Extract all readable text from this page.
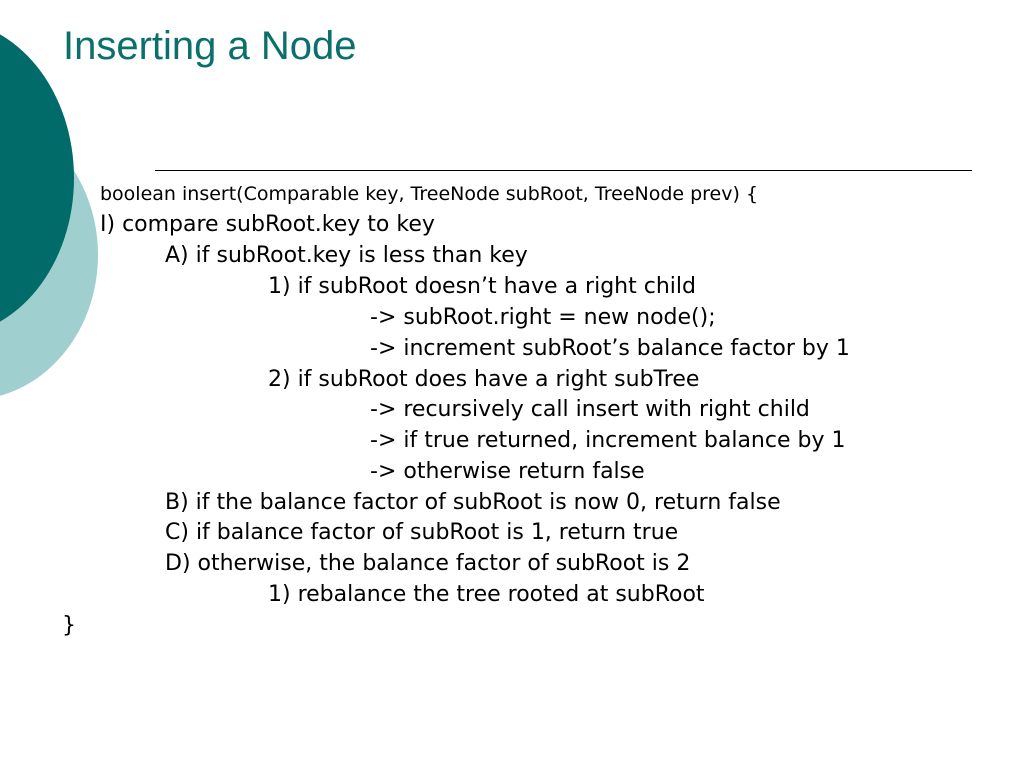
Inserting a Node
boolean insert(Comparable key, TreeNode subRoot, TreeNode prev) {
I) compare subRoot.key to key
A) if subRoot.key is less than key
1) if subRoot doesn’t have a right child
-> subRoot.right = new node();
-> increment subRoot’s balance factor by 1
2) if subRoot does have a right subTree
-> recursively call insert with right child
-> if true returned, increment balance by 1
-> otherwise return false
B) if the balance factor of subRoot is now 0, return false
C) if balance factor of subRoot is 1, return true
D) otherwise, the balance factor of subRoot is 2
1) rebalance the tree rooted at subRoot
}
